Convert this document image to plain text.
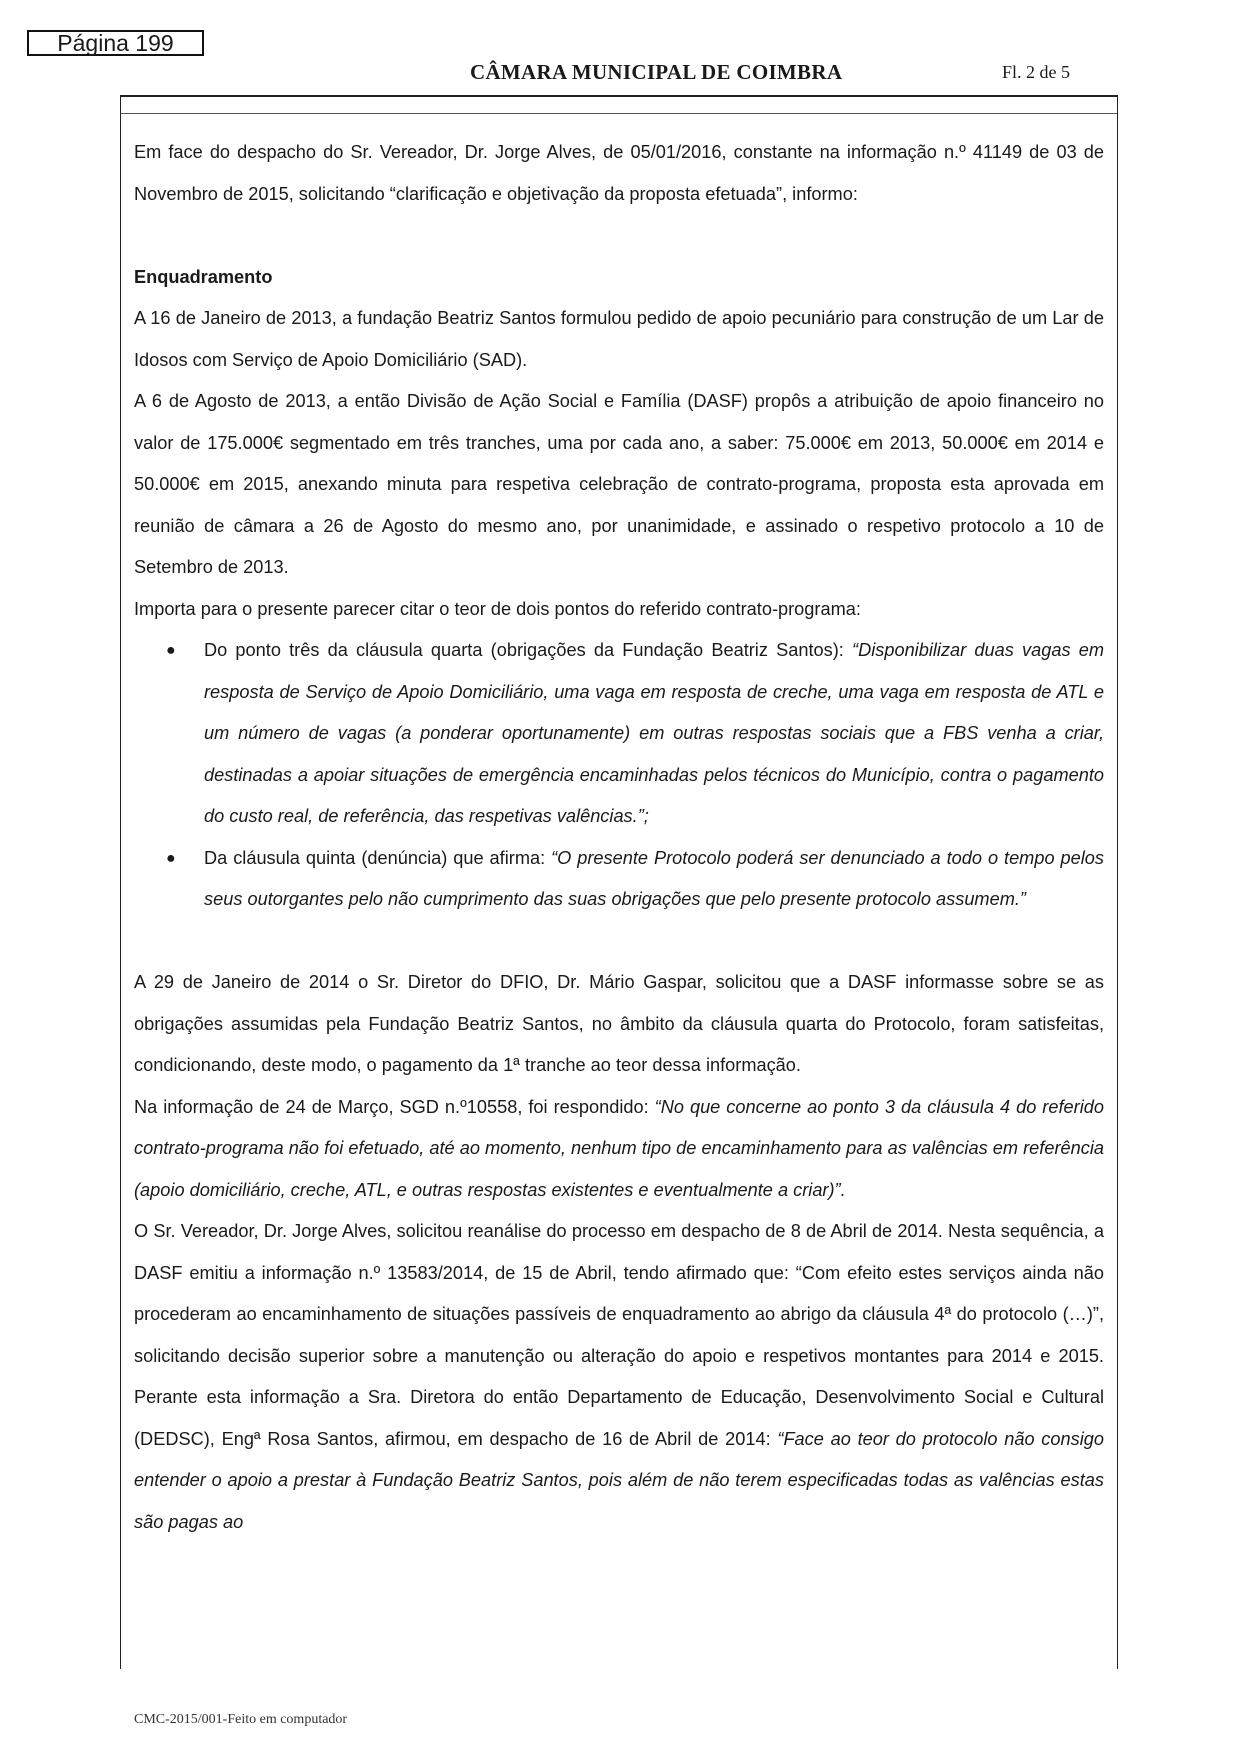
Página 199
CÂMARA MUNICIPAL DE COIMBRA	Fl. 2 de 5

Em face do despacho do Sr. Vereador, Dr. Jorge Alves, de 05/01/2016, constante na informação n.º 41149 de 03 de Novembro de 2015, solicitando “clarificação e objetivação da proposta efetuada”, informo:

Enquadramento

A 16 de Janeiro de 2013, a fundação Beatriz Santos formulou pedido de apoio pecuniário para construção de um Lar de Idosos com Serviço de Apoio Domiciliário (SAD).

A 6 de Agosto de 2013, a então Divisão de Ação Social e Família (DASF) propôs a atribuição de apoio financeiro no valor de 175.000€ segmentado em três tranches, uma por cada ano, a saber: 75.000€ em 2013, 50.000€ em 2014 e 50.000€ em 2015, anexando minuta para respetiva celebração de contrato-programa, proposta esta aprovada em reunião de câmara a 26 de Agosto do mesmo ano, por unanimidade, e assinado o respetivo protocolo a 10 de Setembro de 2013.

Importa para o presente parecer citar o teor de dois pontos do referido contrato-programa:

● Do ponto três da cláusula quarta (obrigações da Fundação Beatriz Santos): “Disponibilizar duas vagas em resposta de Serviço de Apoio Domiciliário, uma vaga em resposta de creche, uma vaga em resposta de ATL e um número de vagas (a ponderar oportunamente) em outras respostas sociais que a FBS venha a criar, destinadas a apoiar situações de emergência encaminhadas pelos técnicos do Município, contra o pagamento do custo real, de referência, das respetivas valências.”;
● Da cláusula quinta (denúncia) que afirma: “O presente Protocolo poderá ser denunciado a todo o tempo pelos seus outorgantes pelo não cumprimento das suas obrigações que pelo presente protocolo assumem.”

A 29 de Janeiro de 2014 o Sr. Diretor do DFIO, Dr. Mário Gaspar, solicitou que a DASF informasse sobre se as obrigações assumidas pela Fundação Beatriz Santos, no âmbito da cláusula quarta do Protocolo, foram satisfeitas, condicionando, deste modo, o pagamento da 1ª tranche ao teor dessa informação.

Na informação de 24 de Março, SGD n.º10558, foi respondido: “No que concerne ao ponto 3 da cláusula 4 do referido contrato-programa não foi efetuado, até ao momento, nenhum tipo de encaminhamento para as valências em referência (apoio domiciliário, creche, ATL, e outras respostas existentes e eventualmente a criar)”.

O Sr. Vereador, Dr. Jorge Alves, solicitou reanálise do processo em despacho de 8 de Abril de 2014. Nesta sequência, a DASF emitiu a informação n.º 13583/2014, de 15 de Abril, tendo afirmado que: “Com efeito estes serviços ainda não procederam ao encaminhamento de situações passíveis de enquadramento ao abrigo da cláusula 4ª do protocolo (…)”, solicitando decisão superior sobre a manutenção ou alteração do apoio e respetivos montantes para 2014 e 2015. Perante esta informação a Sra. Diretora do então Departamento de Educação, Desenvolvimento Social e Cultural (DEDSC), Engª Rosa Santos, afirmou, em despacho de 16 de Abril de 2014: “Face ao teor do protocolo não consigo entender o apoio a prestar à Fundação Beatriz Santos, pois além de não terem especificadas todas as valências estas são pagas ao

CMC-2015/001-Feito em computador
